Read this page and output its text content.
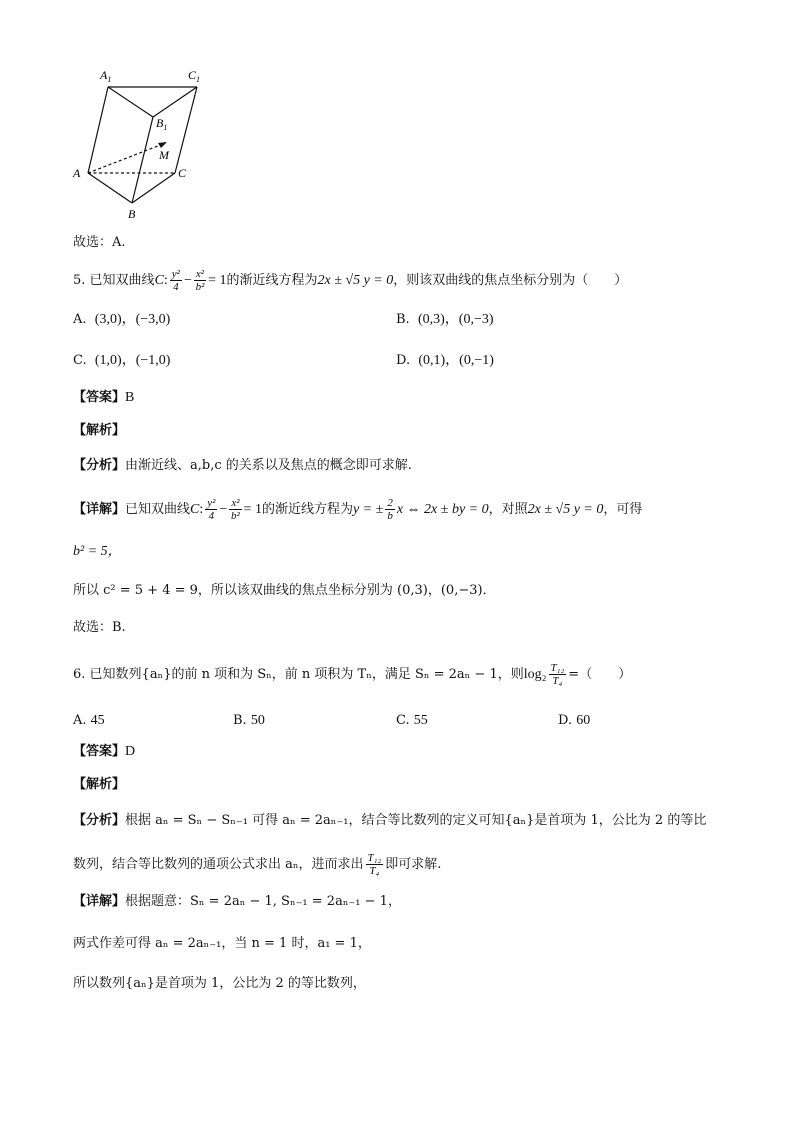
$A_1$	$C_1$
$B_1$
M
A	C
B
故选：A.
5. 已知双曲线C: $\frac{\text{y²}}{4} - \frac{\text{x²}}{\text{b²}} = 1$的渐近线方程为2x ± √5 y = 0，则该双曲线的焦点坐标分别为（　　）
A. (3,0)，(−3,0)	B. (0,3)，(0,−3)
C. (1,0)，(−1,0)	D. (0,1)，(0,−1)
【答案】B
【解析】
【分析】由渐近线、a,b,c 的关系以及焦点的概念即可求解.
【详解】已知双曲线C: $\frac{\text{y²}}{4} - \frac{\text{x²}}{\text{b²}} = 1$的渐近线方程为y = ± $\frac{2}{b}$ x ⇔ 2x ± by = 0，对照2x ± √5 y = 0，可得
b² = 5，
所以 c² = 5 + 4 = 9，所以该双曲线的焦点坐标分别为 (0,3)，(0,−3)．
故选：B.
6. 已知数列{aₙ}的前 n 项和为 Sₙ，前 n 项积为 Tₙ，满足 Sₙ = 2aₙ − 1，则$\log_2 \frac{\text{T₁₂}}{\text{T₄}}$ =（　　）
A. 45	B. 50	C. 55	D. 60
【答案】D
【解析】
【分析】根据 aₙ = Sₙ − Sₙ₋₁ 可得 aₙ = 2aₙ₋₁，结合等比数列的定义可知{aₙ}是首项为 1，公比为 2 的等比
数列，结合等比数列的通项公式求出 aₙ，进而求出 $\frac{\text{T₁₂}}{\text{T₄}}$ 即可求解.
【详解】根据题意：Sₙ = 2aₙ − 1, Sₙ₋₁ = 2aₙ₋₁ − 1，
两式作差可得 aₙ = 2aₙ₋₁，当 n = 1 时，a₁ = 1，
所以数列{aₙ}是首项为 1，公比为 2 的等比数列，
